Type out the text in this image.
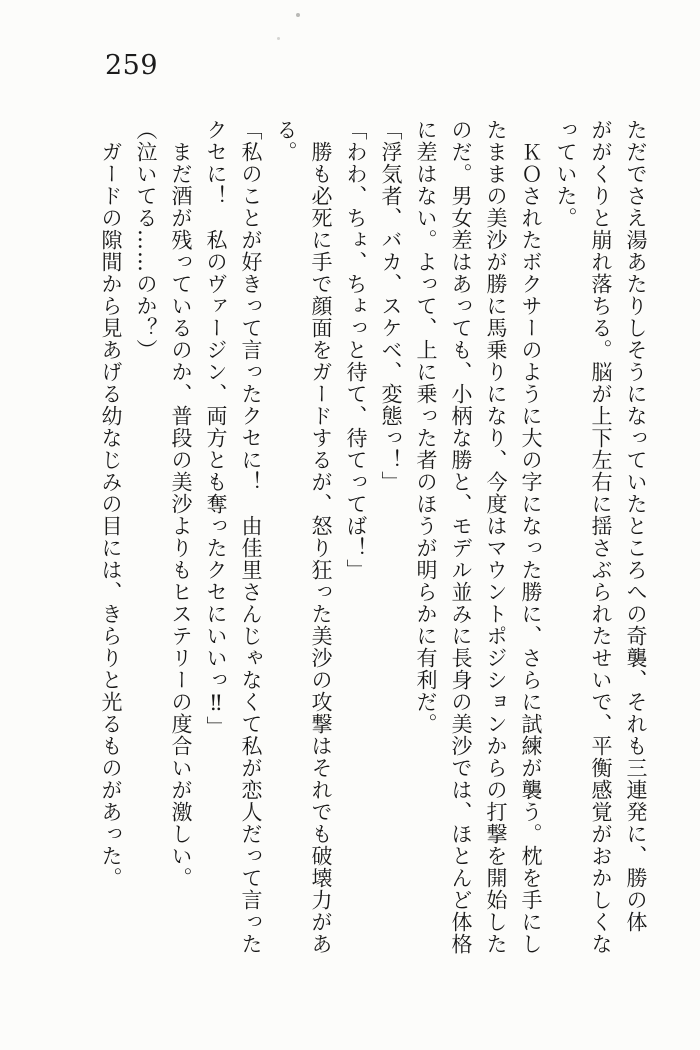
259
ただでさえ湯あたりしそうになっていたところへの奇襲、それも三連発に、勝の体
ががくりと崩れ落ちる。脳が上下左右に揺さぶられたせいで、平衡感覚がおかしくな
っていた。
　ＫＯされたボクサーのように大の字になった勝に、さらに試練が襲う。枕を手にし
たままの美沙が勝に馬乗りになり、今度はマウントポジションからの打撃を開始した
のだ。男女差はあっても、小柄な勝と、モデル並みに長身の美沙では、ほとんど体格
に差はない。よって、上に乗った者のほうが明らかに有利だ。
「浮気者、バカ、スケベ、変態っ！」
「わわ、ちょ、ちょっと待て、待てってば！」
　勝も必死に手で顔面をガードするが、怒り狂った美沙の攻撃はそれでも破壊力があ
る。
「私のことが好きって言ったクセに！　由佳里さんじゃなくて私が恋人だって言った
クセに！　私のヴァージン、両方とも奪ったクセにいいっ‼」
　まだ酒が残っているのか、普段の美沙よりもヒステリーの度合いが激しい。
（泣いてる……のか？）
　ガードの隙間から見あげる幼なじみの目には、きらりと光るものがあった。
